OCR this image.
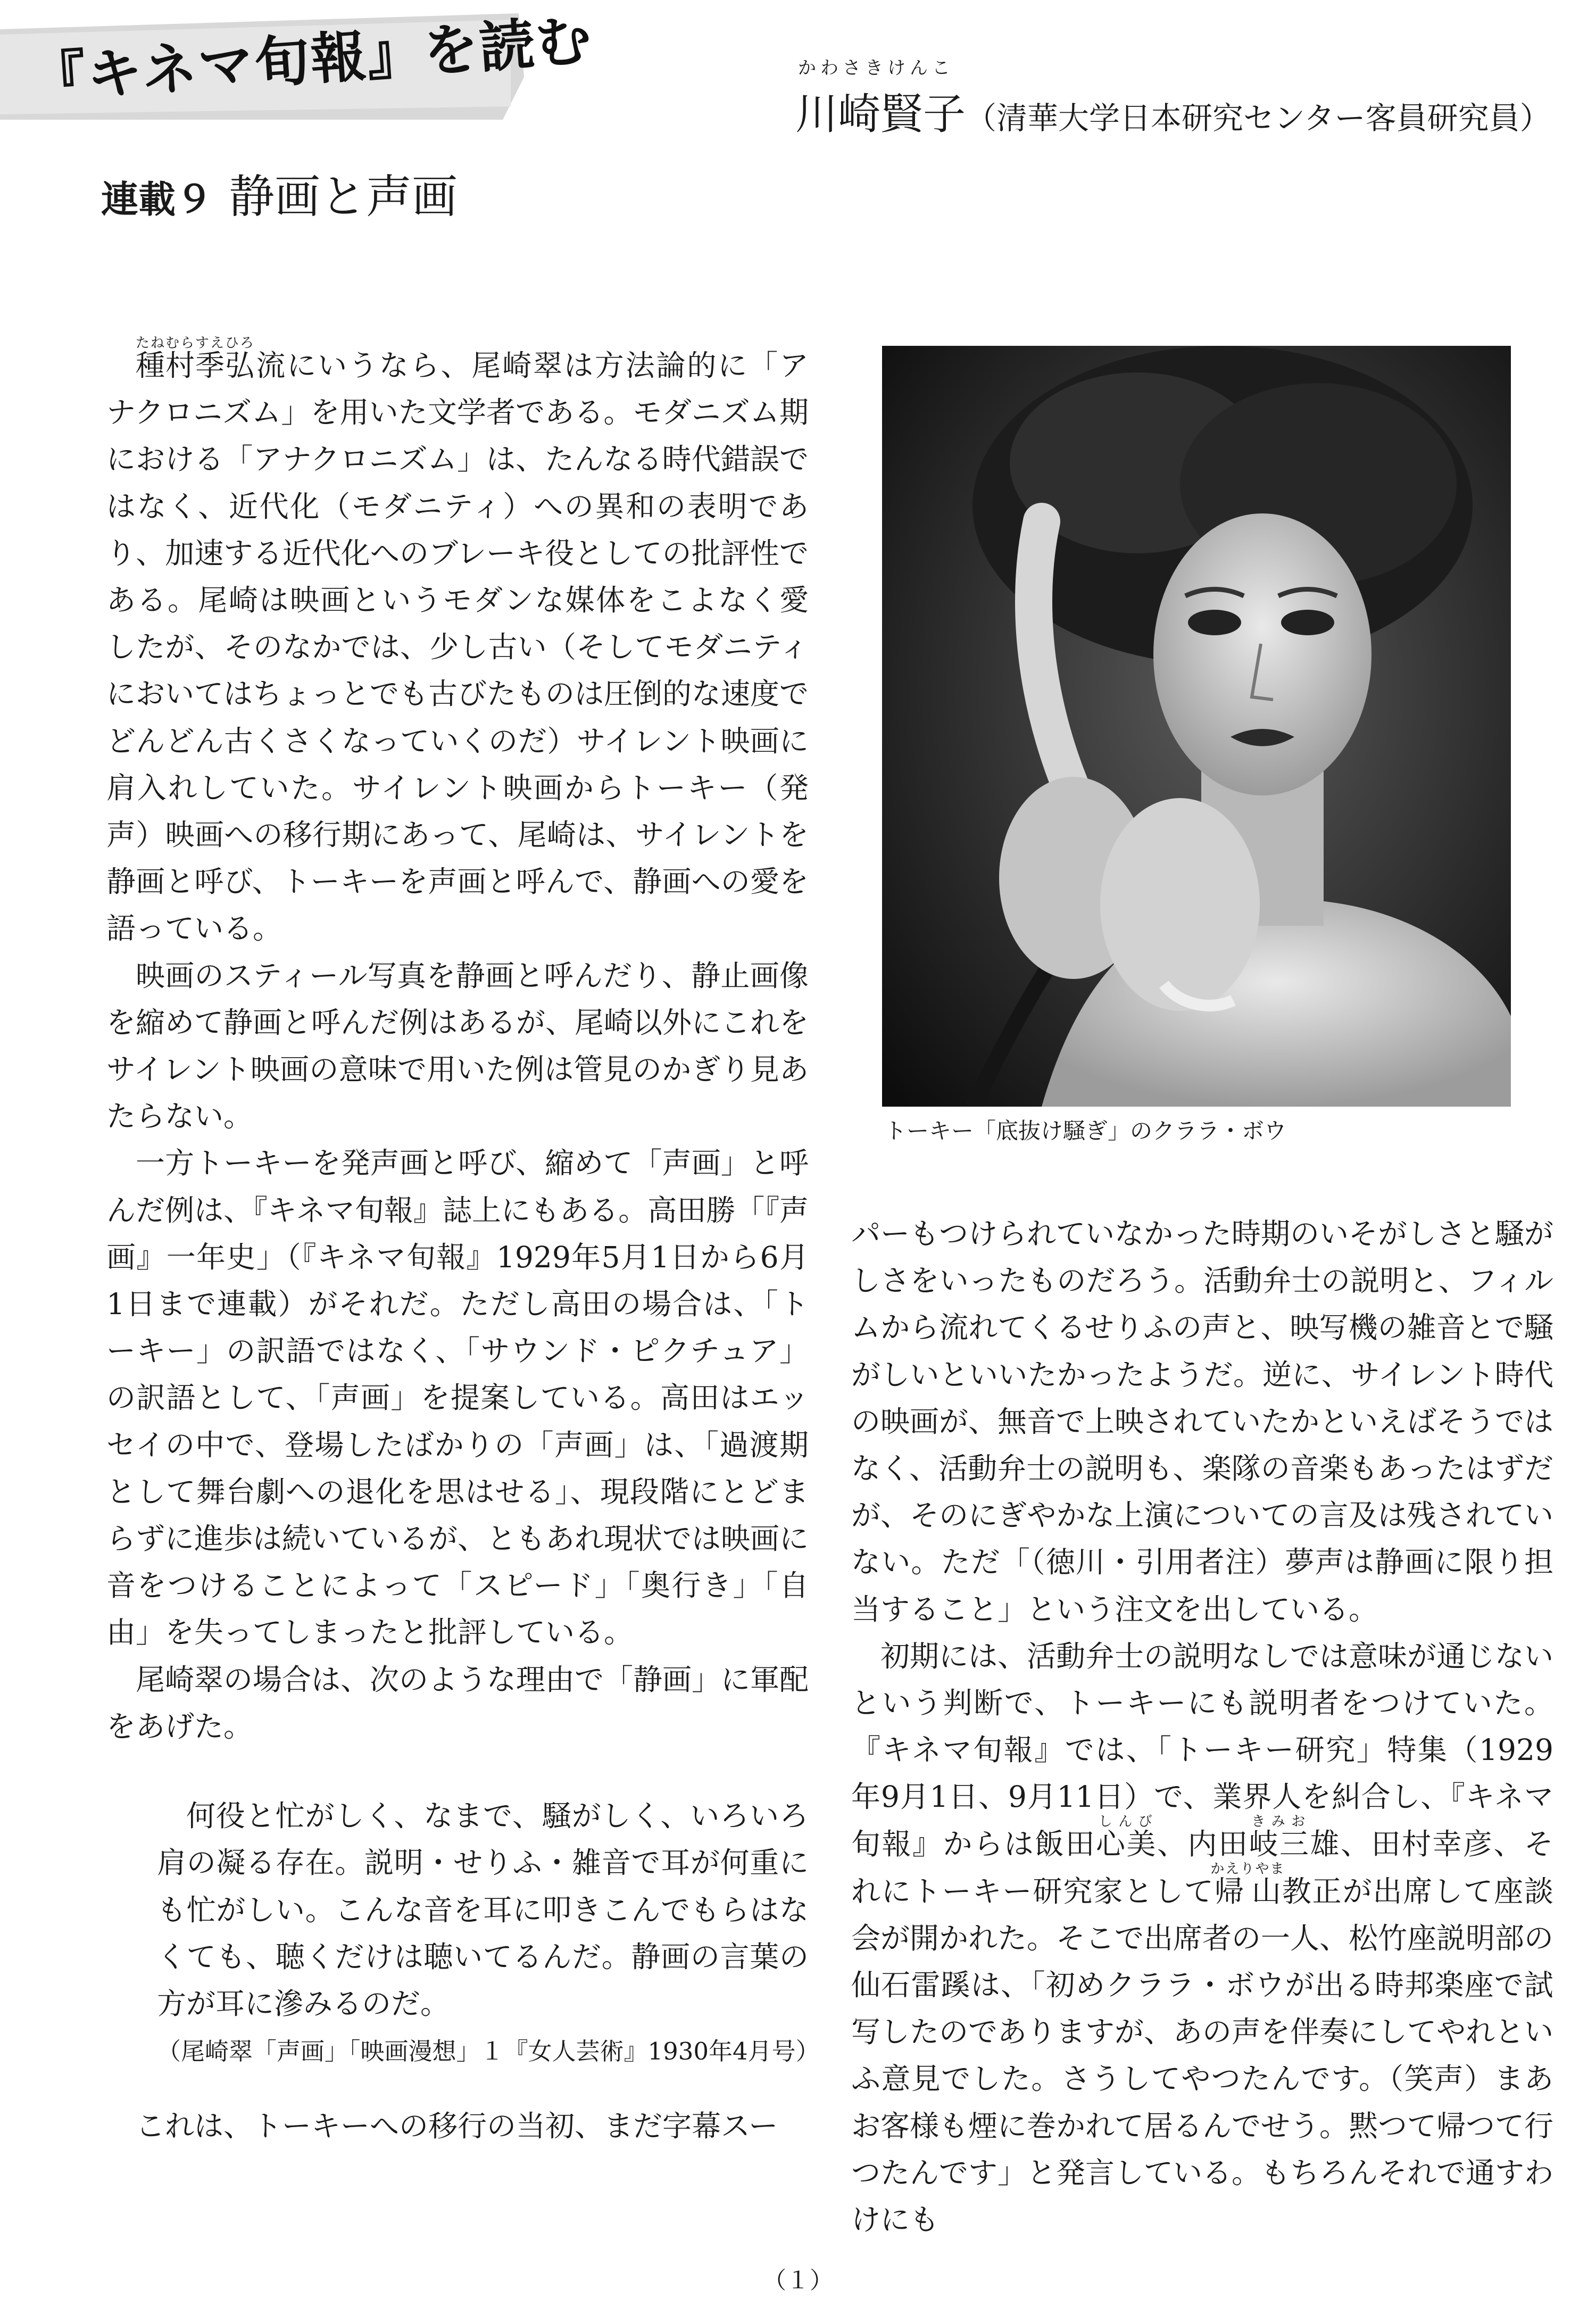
『キネマ旬報』を読む	かわさきけんこ
川崎賢子（清華大学日本研究センター客員研究員）
連載９ 静画と声画

種村季弘たねむらすえひろ流にいうなら、尾崎翠は方法論的に「アナクロニズム」を用いた文学者である。モダニズム期における「アナクロニズム」は、たんなる時代錯誤ではなく、近代化（モダニティ）への異和の表明であり、加速する近代化へのブレーキ役としての批評性である。尾崎は映画というモダンな媒体をこよなく愛したが、そのなかでは、少し古い（そしてモダニティにおいてはちょっとでも古びたものは圧倒的な速度でどんどん古くさくなっていくのだ）サイレント映画に肩入れしていた。サイレント映画からトーキー（発声）映画への移行期にあって、尾崎は、サイレントを静画と呼び、トーキーを声画と呼んで、静画への愛を語っている。

映画のスティール写真を静画と呼んだり、静止画像を縮めて静画と呼んだ例はあるが、尾崎以外にこれをサイレント映画の意味で用いた例は管見のかぎり見あたらない。

一方トーキーを発声画と呼び、縮めて「声画」と呼んだ例は、『キネマ旬報』誌上にもある。高田勝「『声画』一年史」（『キネマ旬報』1929年5月1日から6月1日まで連載）がそれだ。ただし高田の場合は、「トーキー」の訳語ではなく、「サウンド・ピクチュア」の訳語として、「声画」を提案している。高田はエッセイの中で、登場したばかりの「声画」は、「過渡期として舞台劇への退化を思はせる」、現段階にとどまらずに進歩は続いているが、ともあれ現状では映画に音をつけることによって「スピード」「奥行き」「自由」を失ってしまったと批評している。

尾崎翠の場合は、次のような理由で「静画」に軍配をあげた。

何役と忙がしく、なまで、騒がしく、いろいろ肩の凝る存在。説明・せりふ・雑音で耳が何重にも忙がしい。こんな音を耳に叩きこんでもらはなくても、聴くだけは聴いてるんだ。静画の言葉の方が耳に滲みるのだ。

（尾崎翠「声画」「映画漫想」１『女人芸術』1930年4月号）

これは、トーキーへの移行の当初、まだ字幕スー

トーキー「底抜け騒ぎ」のクララ・ボウ

パーもつけられていなかった時期のいそがしさと騒がしさをいったものだろう。活動弁士の説明と、フィルムから流れてくるせりふの声と、映写機の雑音とで騒がしいといいたかったようだ。逆に、サイレント時代の映画が、無音で上映されていたかといえばそうではなく、活動弁士の説明も、楽隊の音楽もあったはずだが、そのにぎやかな上演についての言及は残されていない。ただ「（徳川・引用者注）夢声は静画に限り担当すること」という注文を出している。

初期には、活動弁士の説明なしでは意味が通じないという判断で、トーキーにも説明者をつけていた。『キネマ旬報』では、「トーキー研究」特集（1929年9月1日、9月11日）で、業界人を糾合し、『キネマ旬報』からは飯田心美しんび、内田岐三きみお雄、田村幸彦、それにトーキー研究家として帰山かえりやま教正が出席して座談会が開かれた。そこで出席者の一人、松竹座説明部の仙石雷蹊は、「初めクララ・ボウが出る時邦楽座で試写したのでありますが、あの声を伴奏にしてやれといふ意見でした。さうしてやつたんです。（笑声）まあお客様も煙に巻かれて居るんでせう。黙つて帰つて行つたんです」と発言している。もちろんそれで通すわけにも

（１）
